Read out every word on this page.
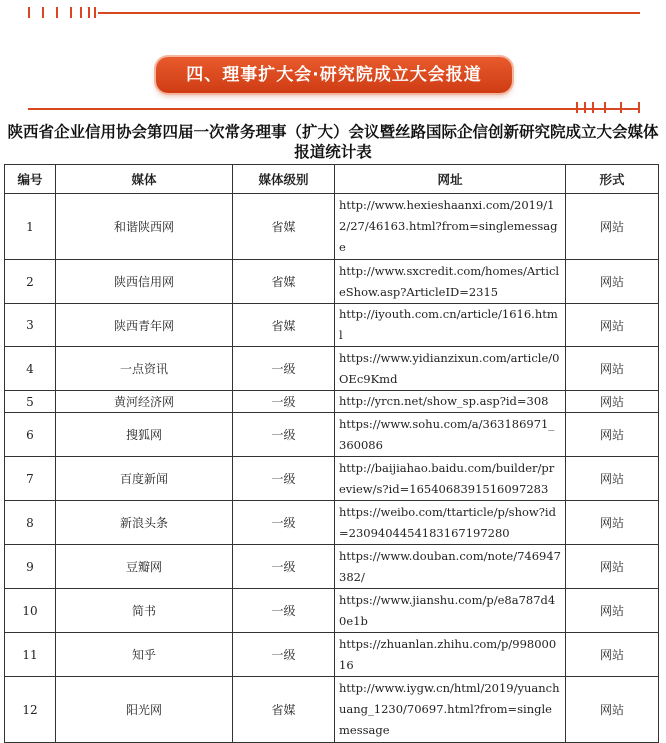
四、理事扩大会·研究院成立大会报道
陕西省企业信用协会第四届一次常务理事（扩大）会议暨丝路国际企信创新研究院成立大会媒体报道统计表
编号	媒体	媒体级别	网址	形式
1	和谐陕西网	省媒	http://www.hexieshaanxi.com/2019/12/27/46163.html?from=singlemessage	网站
2	陕西信用网	省媒	http://www.sxcredit.com/homes/ArticleShow.asp?ArticleID=2315	网站
3	陕西青年网	省媒	http://iyouth.com.cn/article/1616.html	网站
4	一点资讯	一级	https://www.yidianzixun.com/article/0OEc9Kmd	网站
5	黄河经济网	一级	http://yrcn.net/show_sp.asp?id=308	网站
6	搜狐网	一级	https://www.sohu.com/a/363186971_360086	网站
7	百度新闻	一级	http://baijiahao.baidu.com/builder/preview/s?id=1654068391516097283	网站
8	新浪头条	一级	https://weibo.com/ttarticle/p/show?id=2309404454183167197280	网站
9	豆瓣网	一级	https://www.douban.com/note/746947382/	网站
10	简书	一级	https://www.jianshu.com/p/e8a787d40e1b	网站
11	知乎	一级	https://zhuanlan.zhihu.com/p/99800016	网站
12	阳光网	省媒	http://www.iygw.cn/html/2019/yuanchuang_1230/70697.html?from=singlemessage	网站
